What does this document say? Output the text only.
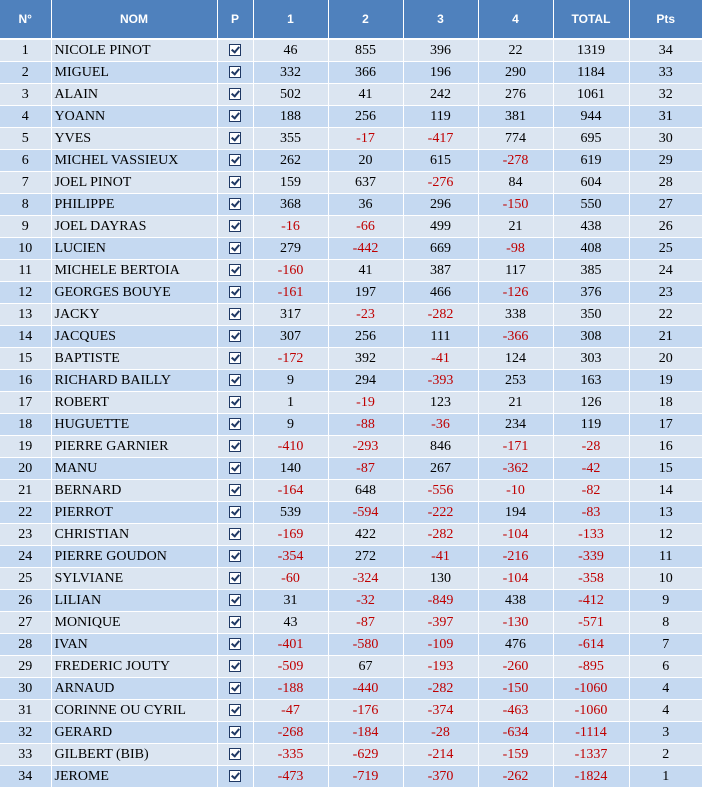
N°	NOM	P	1	2	3	4	TOTAL	Pts
1	NICOLE PINOT		46	855	396	22	1319	34
2	MIGUEL		332	366	196	290	1184	33
3	ALAIN		502	41	242	276	1061	32
4	YOANN		188	256	119	381	944	31
5	YVES		355	-17	-417	774	695	30
6	MICHEL VASSIEUX		262	20	615	-278	619	29
7	JOEL PINOT		159	637	-276	84	604	28
8	PHILIPPE		368	36	296	-150	550	27
9	JOEL DAYRAS		-16	-66	499	21	438	26
10	LUCIEN		279	-442	669	-98	408	25
11	MICHELE BERTOIA		-160	41	387	117	385	24
12	GEORGES BOUYE		-161	197	466	-126	376	23
13	JACKY		317	-23	-282	338	350	22
14	JACQUES		307	256	111	-366	308	21
15	BAPTISTE		-172	392	-41	124	303	20
16	RICHARD BAILLY		9	294	-393	253	163	19
17	ROBERT		1	-19	123	21	126	18
18	HUGUETTE		9	-88	-36	234	119	17
19	PIERRE GARNIER		-410	-293	846	-171	-28	16
20	MANU		140	-87	267	-362	-42	15
21	BERNARD		-164	648	-556	-10	-82	14
22	PIERROT		539	-594	-222	194	-83	13
23	CHRISTIAN		-169	422	-282	-104	-133	12
24	PIERRE GOUDON		-354	272	-41	-216	-339	11
25	SYLVIANE		-60	-324	130	-104	-358	10
26	LILIAN		31	-32	-849	438	-412	9
27	MONIQUE		43	-87	-397	-130	-571	8
28	IVAN		-401	-580	-109	476	-614	7
29	FREDERIC JOUTY		-509	67	-193	-260	-895	6
30	ARNAUD		-188	-440	-282	-150	-1060	4
31	CORINNE OU CYRIL		-47	-176	-374	-463	-1060	4
32	GERARD		-268	-184	-28	-634	-1114	3
33	GILBERT (BIB)		-335	-629	-214	-159	-1337	2
34	JEROME		-473	-719	-370	-262	-1824	1
